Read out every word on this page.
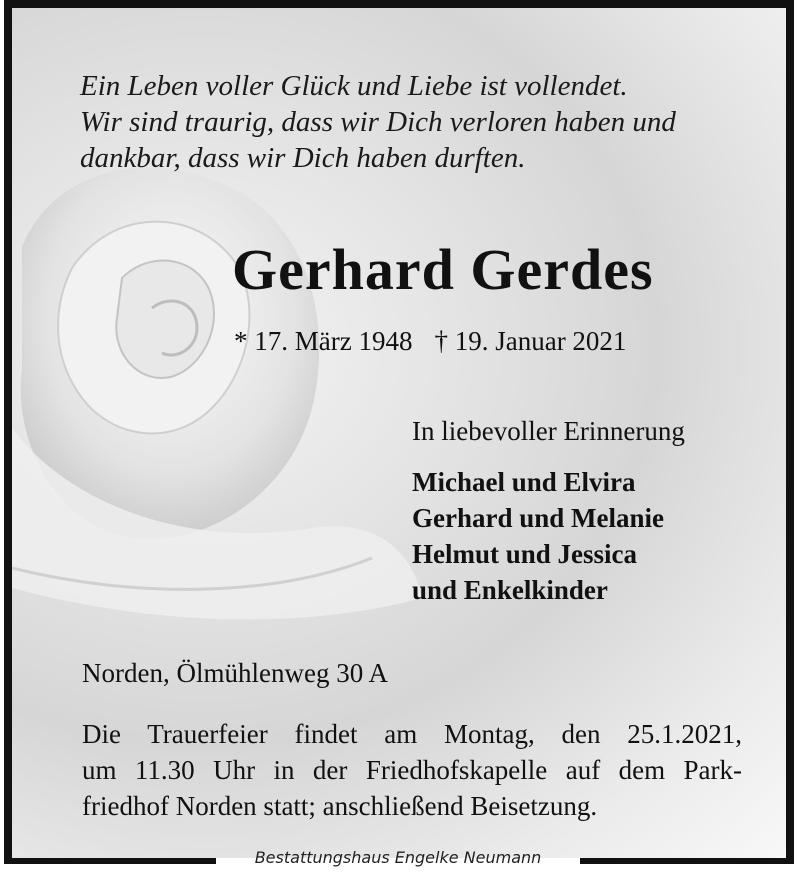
Ein Leben voller Glück und Liebe ist vollendet.
Wir sind traurig, dass wir Dich verloren haben und
dankbar, dass wir Dich haben durften.
Gerhard Gerdes
* 17. März 1948 † 19. Januar 2021
In liebevoller Erinnerung
Michael und Elvira
Gerhard und Melanie
Helmut und Jessica
und Enkelkinder
Norden, Ölmühlenweg 30 A
Die Trauerfeier findet am Montag, den 25.1.2021,
um 11.30 Uhr in der Friedhofskapelle auf dem Park-
friedhof Norden statt; anschließend Beisetzung.
Bestattungshaus Engelke Neumann
